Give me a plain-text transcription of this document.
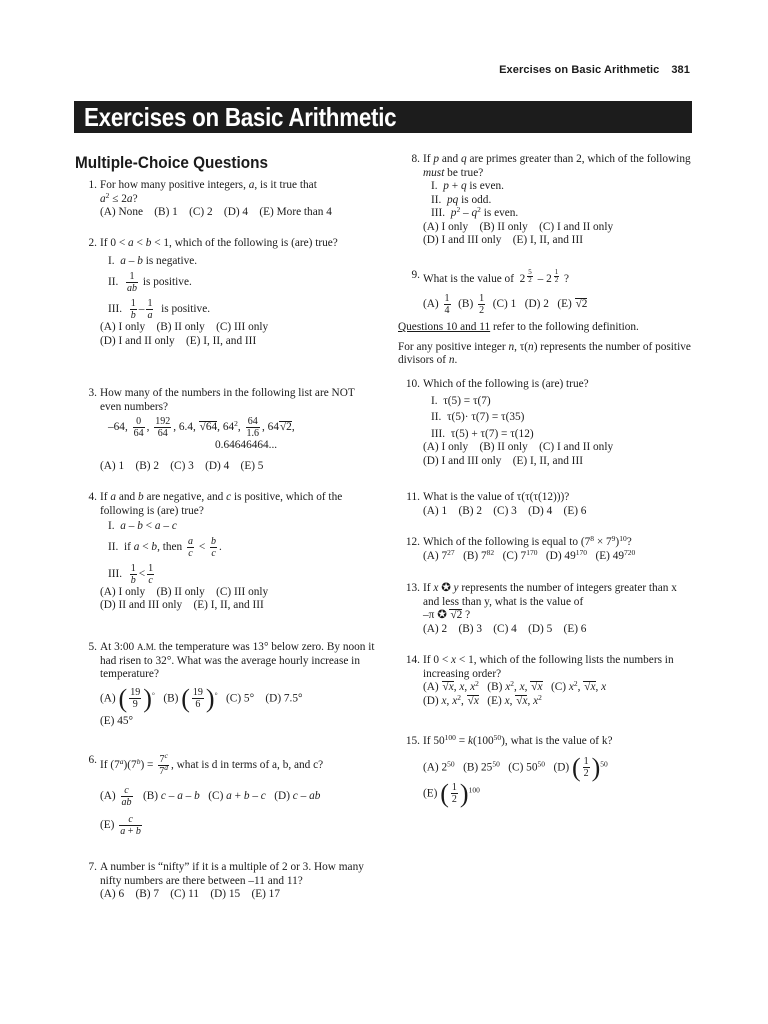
Exercises on Basic Arithmetic 381
Exercises on Basic Arithmetic
Multiple-Choice Questions
1. For how many positive integers, a, is it true that

$a^2 \le 2a$?

(A) None    (B) 1    (C) 2    (D) 4    (E) More than 4

2. If 0 < a < b < 1, which of the following is (are) true?

I. a – b is negative.

II. $\frac{1}{ab}$ is positive.

III. $\frac{1}{b} - \frac{1}{a}$ is positive.

(A) I only    (B) II only    (C) III only

(D) I and II only    (E) I, II, and III

3. How many of the numbers in the following list are NOT even numbers?

–64, $\frac{0}{64}$ , $\frac{192}{64}$ , 6.4, √64, $64^2$, $\frac{64}{1.6}$ , 64√2,

0.64646464...

(A) 1    (B) 2    (C) 3    (D) 4    (E) 5

4. If a and b are negative, and c is positive, which of the following is (are) true?

I. a – b < a – c

II.  if a < b, then $\frac{a}{c} < \frac{b}{c}$ .

III. $\frac{1}{b} < \frac{1}{c}$

(A) I only    (B) II only    (C) III only

(D) II and III only    (E) I, II, and III

5. At 3:00 A.M. the temperature was 13° below zero. By noon it had risen to 32°. What was the average hourly increase in temperature?

(A) ( 19
9 ) °   (B) ( 19
6 ) ° (C) 5°    (D) 7.5°

(E) 45°

6. If $(7^a)(7^b) = \frac{7^c}{7^d}$ , what is d in terms of a, b, and c?

$(A) \frac{c}{ab} (B)$ c – a – b   (C) a + b – c   (D) c – ab

$(E) \frac{c}{a + b}$

7. A number is “nifty” if it is a multiple of 2 or 3. How many nifty numbers are there between –11 and 11?

(A) 6    (B) 7    (C) 11    (D) 15    (E) 17

8. If p and q are primes greater than 2, which of the following must be true?

I. p + q is even.

II. pq is odd.

III. $p^2 - q^2$ is even.

(A) I only    (B) II only    (C) I and II only

(D) I and III only    (E) I, II, and III

9. What is the value of  2 $^{\frac{5}{2}}$ – 2 $^{\frac{1}{2}}$ ?

$(A) \frac{1}{4} (B) \frac{1}{2} (C)$ 1   (D) 2   (E) √2

Questions 10 and 11 refer to the following definition.

For any positive integer n, τ(n) represents the number of positive divisors of n.

10. Which of the following is (are) true?

I. τ(5) = τ(7)

II. τ(5)· τ(7) = τ(35)

III. τ(5) + τ(7) = τ(12)

(A) I only    (B) II only    (C) I and II only

(D) I and III only    (E) I, II, and III

11. What is the value of τ(τ(τ(12)))?

(A) 1    (B) 2    (C) 3    (D) 4    (E) 6

12. Which of the following is equal to $(7^8 \times 7^9)^{10}$?

(A) $7^{27}$   (B) $7^{82}$   (C) $7^{170}$   (D) $49^{170}$   (E) $49^{720}$

13. If x ✪ y represents the number of integers greater than x and less than y, what is the value of

–π ✪ √2 ?

(A) 2    (B) 3    (C) 4    (D) 5    (E) 6

14. If 0 < x < 1, which of the following lists the numbers in increasing order?

(A) √x, x, $x^2$   (B) $x^2$, x, √x   (C) $x^2$, √x, x

(D) x, $x^2$, √x   (E) x, √x, $x^2$

15. If $50^{100} = k(100^{50})$, what is the value of k?

(A) $2^{50}$   (B) $25^{50}$   (C) $50^{50}$   (D) ( 1
2 ) $^{50}$

(E) ( 1
2 ) $^{100}$
